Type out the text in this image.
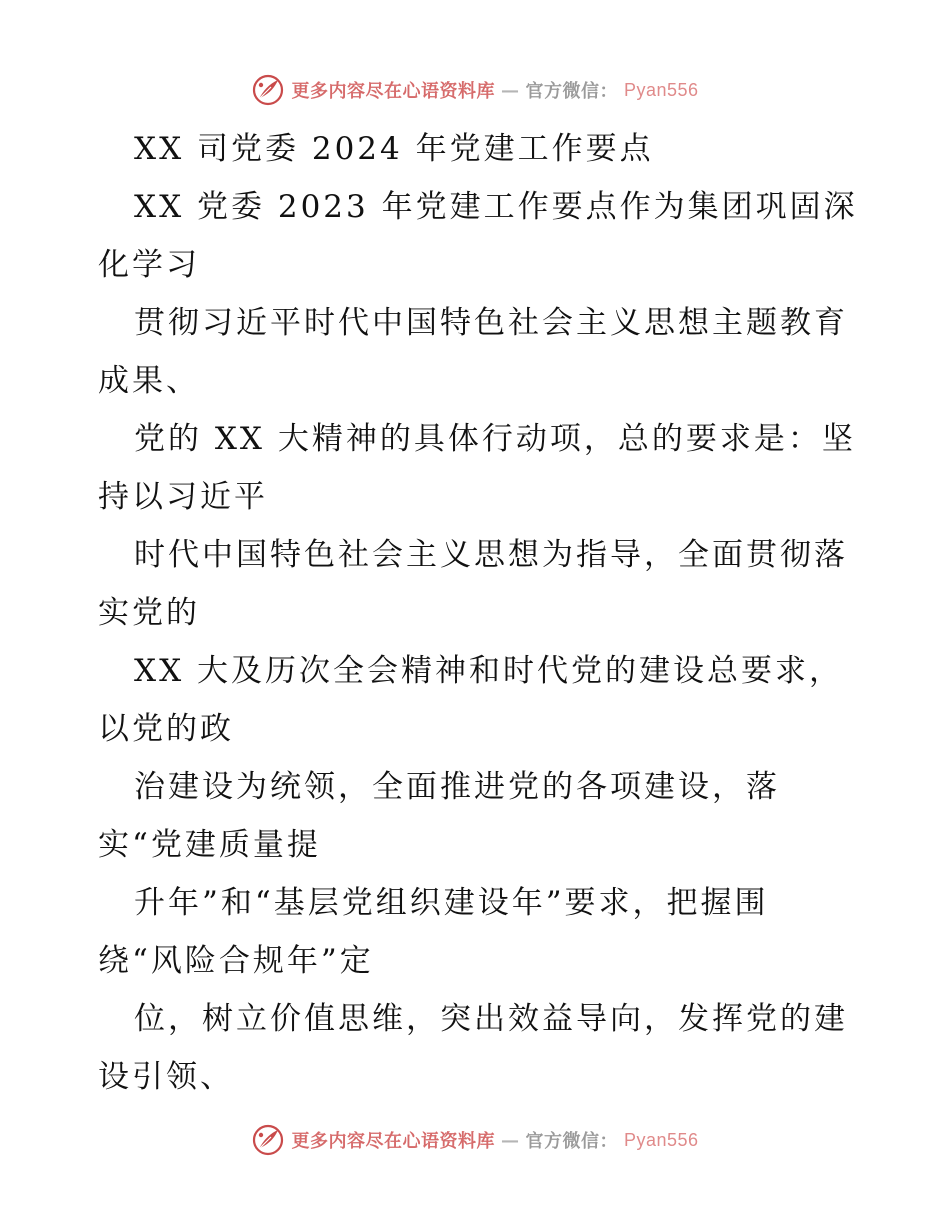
更多内容尽在心语资料库 — 官方微信： Pyan556
XX 司党委 2024 年党建工作要点
XX 党委 2023 年党建工作要点作为集团巩固深
化学习
贯彻习近平时代中国特色社会主义思想主题教育
成果、
党的 XX 大精神的具体行动项，总的要求是：坚
持以习近平
时代中国特色社会主义思想为指导，全面贯彻落
实党的
XX 大及历次全会精神和时代党的建设总要求，
以党的政
治建设为统领，全面推进党的各项建设，落
实“党建质量提
升年”和“基层党组织建设年”要求，把握围
绕“风险合规年”定
位，树立价值思维，突出效益导向，发挥党的建
设引领、
更多内容尽在心语资料库 — 官方微信： Pyan556
